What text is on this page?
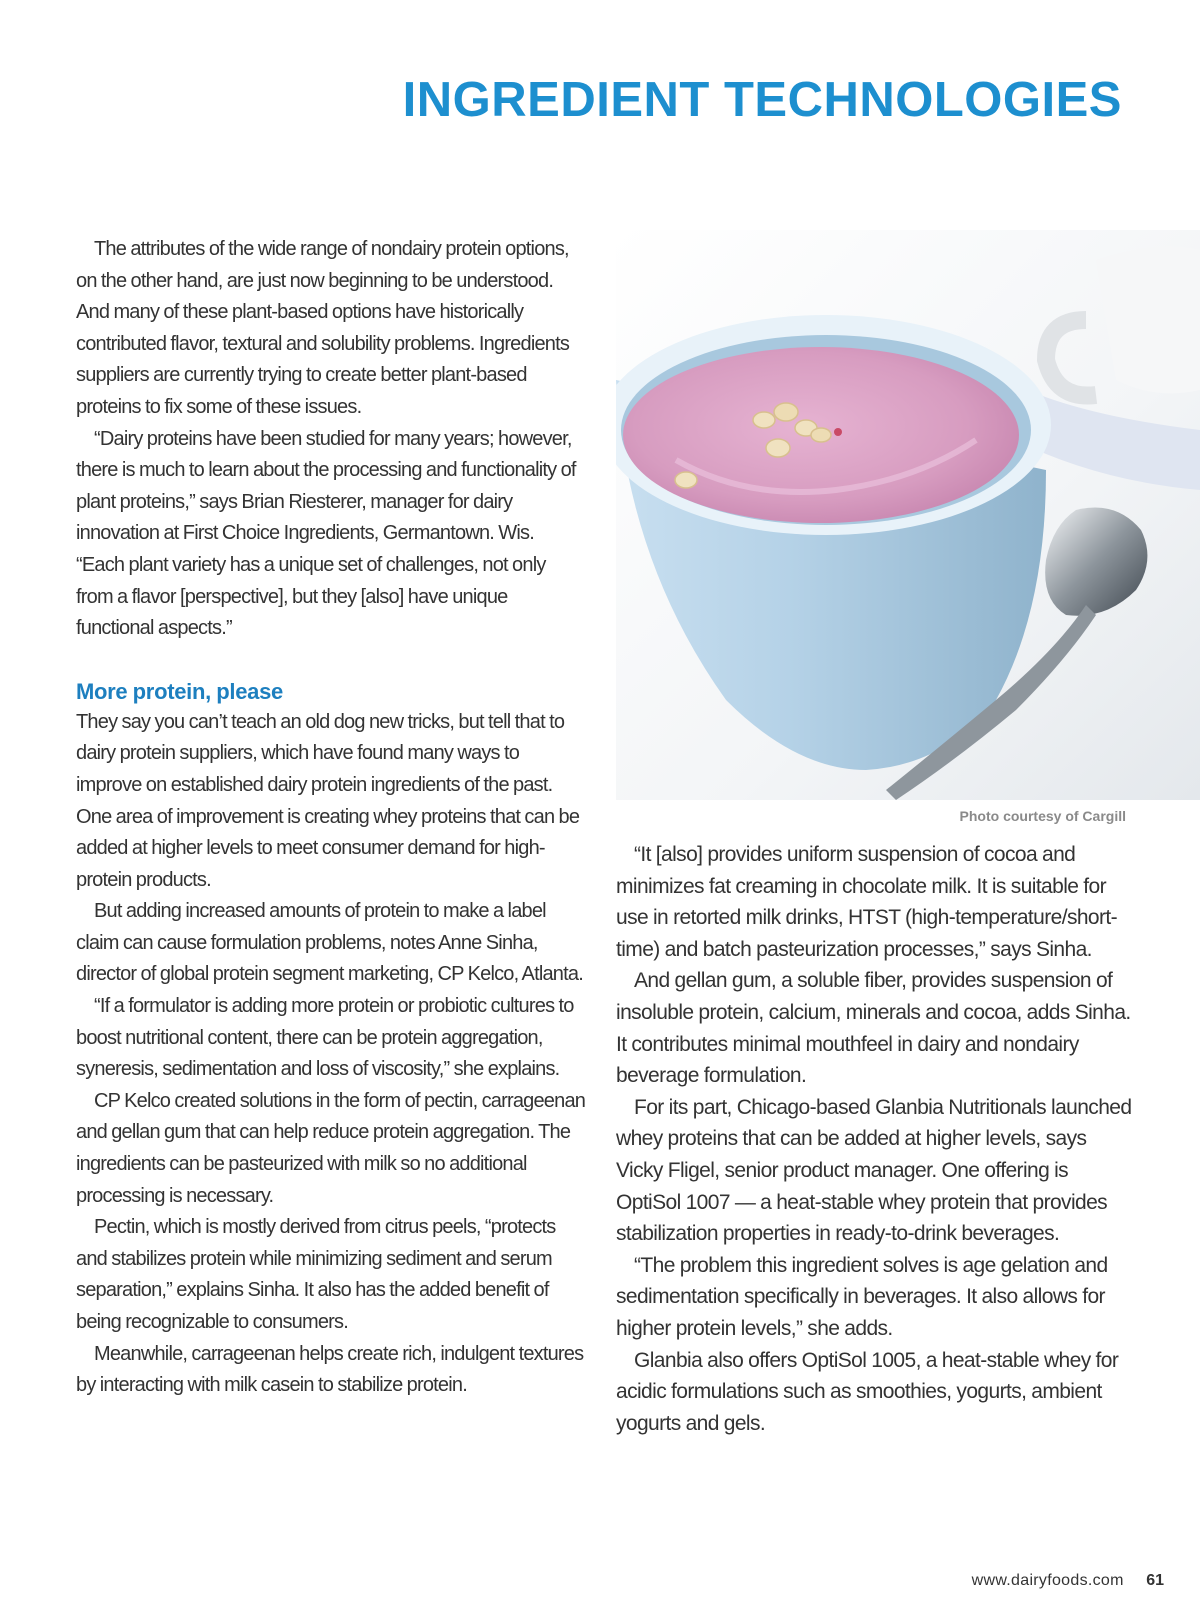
INGREDIENT TECHNOLOGIES

The attributes of the wide range of nondairy protein options, on the other hand, are just now beginning to be understood. And many of these plant-based options have historically contributed flavor, textural and solubility problems. Ingredients suppliers are currently trying to create better plant-based proteins to fix some of these issues.

“Dairy proteins have been studied for many years; however, there is much to learn about the processing and functionality of plant proteins,” says Brian Riesterer, manager for dairy innovation at First Choice Ingredients, Germantown. Wis. “Each plant variety has a unique set of challenges, not only from a flavor [perspective], but they [also] have unique functional aspects.”

More protein, please

They say you can’t teach an old dog new tricks, but tell that to dairy protein suppliers, which have found many ways to improve on established dairy protein ingredients of the past. One area of improvement is creating whey proteins that can be added at higher levels to meet consumer demand for high-protein products.

But adding increased amounts of protein to make a label claim can cause formulation problems, notes Anne Sinha, director of global protein segment marketing, CP Kelco, Atlanta.

“If a formulator is adding more protein or probiotic cultures to boost nutritional content, there can be protein aggregation, syneresis, sedimentation and loss of viscosity,” she explains.

CP Kelco created solutions in the form of pectin, carrageenan and gellan gum that can help reduce protein aggregation. The ingredients can be pasteurized with milk so no additional processing is necessary.

Pectin, which is mostly derived from citrus peels, “protects and stabilizes protein while minimizing sediment and serum separation,” explains Sinha. It also has the added benefit of being recognizable to consumers.

Meanwhile, carrageenan helps create rich, indulgent textures by interacting with milk casein to stabilize protein.

Photo courtesy of Cargill

“It [also] provides uniform suspension of cocoa and minimizes fat creaming in chocolate milk. It is suitable for use in retorted milk drinks, HTST (high-temperature/short-time) and batch pasteurization processes,” says Sinha.

And gellan gum, a soluble fiber, provides suspension of insoluble protein, calcium, minerals and cocoa, adds Sinha. It contributes minimal mouthfeel in dairy and nondairy beverage formulation.

For its part, Chicago-based Glanbia Nutritionals launched whey proteins that can be added at higher levels, says Vicky Fligel, senior product manager. One offering is OptiSol 1007 — a heat-stable whey protein that provides stabilization properties in ready-to-drink beverages.

“The problem this ingredient solves is age gelation and sedimentation specifically in beverages. It also allows for higher protein levels,” she adds.

Glanbia also offers OptiSol 1005, a heat-stable whey for acidic formulations such as smoothies, yogurts, ambient yogurts and gels.

www.dairyfoods.com 61
